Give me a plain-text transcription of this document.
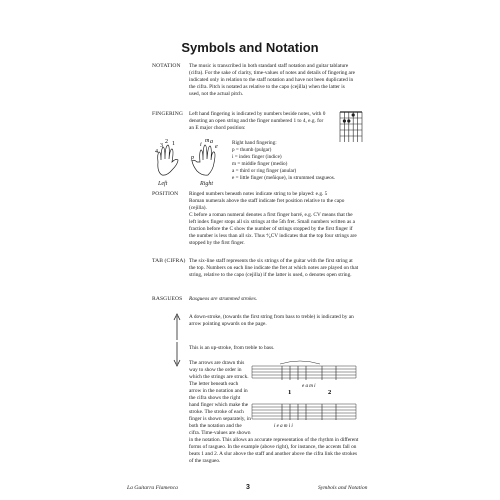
Symbols and Notation
NOTATION The music is transcribed in both standard staff notation and guitar tablature (cifra). For the sake of clarity, time-values of notes and details of fingering are indicated only in relation to the staff notation and have not been duplicated in the cifra. Pitch is notated as relative to the capo (cejilla) when the latter is used, not the actual pitch.
FINGERING Left hand fingering is indicated by numbers beside notes, with 0 denoting an open string and the finger numbered 1 to 4, e.g. for an E major chord position:
4
3
2 1
p
i
m a
e
Left	Right
Right hand fingering:
p = thumb (pulgar)
i = index finger (indice)
m = middle finger (medio)
a = third or ring finger (anular)
e = little finger (meñique), in strummed rasgueos.
POSITION Ringed numbers beneath notes indicate string to be played: e.g. 5

Roman numerals above the staff indicate fret position relative to the capo (cejilla).

C before a roman numeral denotes a first finger barré, e.g. CV means that the left index finger stops all six strings at the 5th fret. Small numbers written as a fraction before the C show the number of strings stopped by the first finger if the number is less than all six. Thus ⁴⁄₆CV indicates that the top four strings are stopped by the first finger.

TAB (CIFRA) The six-line staff represents the six strings of the guitar with the first string at the top. Numbers on each line indicate the fret at which notes are played on that string, relative to the capo (cejilla) if the latter is used, o denotes open string.
RASGUEOS Rasgueos are strummed strokes.
A down-stroke, (towards the first string from bass to treble) is indicated by an arrow pointing upwards on the page.
This is an up-stroke, from treble to bass.
The arrows are drawn this way to show the order in which the strings are struck. The letter beneath each arrow in the notation and in the cifra shows the right hand finger which make the stroke. The stroke of each finger is shown separately, in both the notation and the cifra. Time-values are shown in the notation. This allows an accurate representation of the rhythm in different forms of rasgueo. In the example (above right), for instance, the accents fall on beats 1 and 2. A slur above the staff and another above the cifra link the strokes of the rasgueo.
e a m i
1	2
i e a m i i
La Guitarra Flamenca	3	Symbols and Notation
